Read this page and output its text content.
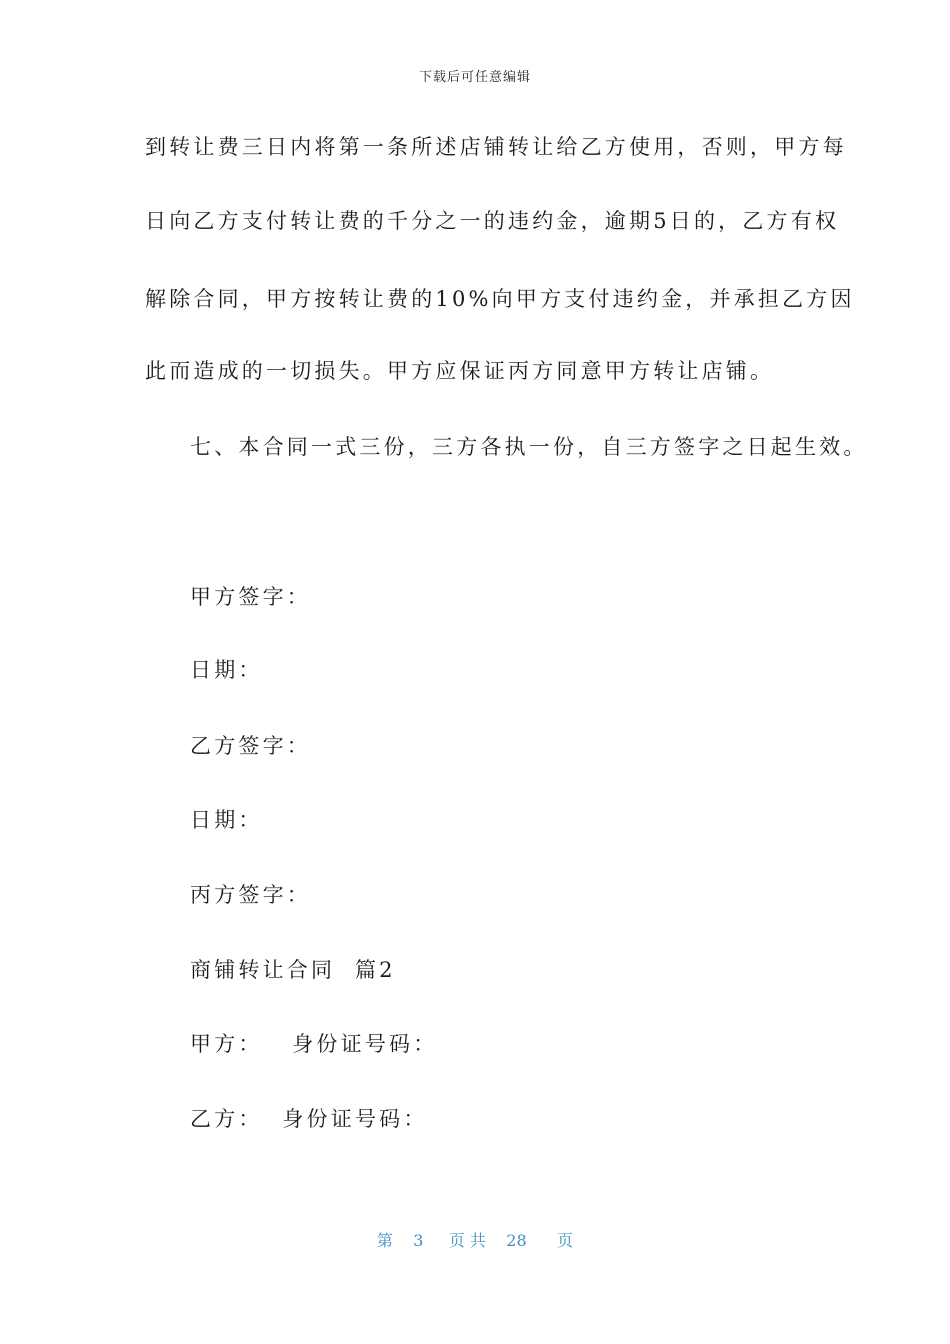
下载后可任意编辑
到转让费三日内将第一条所述店铺转让给乙方使用，否则，甲方每
日向乙方支付转让费的千分之一的违约金，逾期5日的，乙方有权
解除合同，甲方按转让费的10%向甲方支付违约金，并承担乙方因
此而造成的一切损失。甲方应保证丙方同意甲方转让店铺。
七、本合同一式三份，三方各执一份，自三方签字之日起生效。
甲方签字：
日期：
乙方签字：
日期：
丙方签字：
商铺转让合同  篇2
甲方：   身份证号码：
乙方：  身份证号码：
第 3 页 共 28 页
